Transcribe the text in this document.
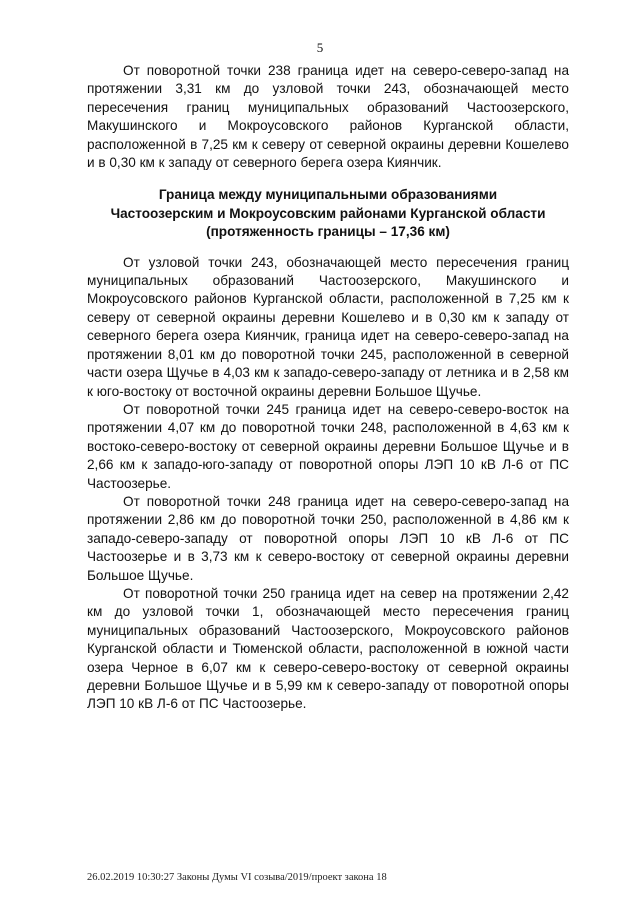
5

От поворотной точки 238 граница идет на северо-северо-запад на протяжении 3,31 км до узловой точки 243, обозначающей место пересечения границ муниципальных образований Частоозерского, Макушинского и Мокроусовского районов Курганской области, расположенной в 7,25 км к северу от северной окраины деревни Кошелево и в 0,30 км к западу от северного берега озера Киянчик.

Граница между муниципальными образованиями
Частоозерским и Мокроусовским районами Курганской области
(протяженность границы – 17,36 км)

От узловой точки 243, обозначающей место пересечения границ муниципальных образований Частоозерского, Макушинского и Мокроусовского районов Курганской области, расположенной в 7,25 км к северу от северной окраины деревни Кошелево и в 0,30 км к западу от северного берега озера Киянчик, граница идет на северо-северо-запад на протяжении 8,01 км до поворотной точки 245, расположенной в северной части озера Щучье в 4,03 км к западо-северо-западу от летника и в 2,58 км к юго-востоку от восточной окраины деревни Большое Щучье.

От поворотной точки 245 граница идет на северо-северо-восток на протяжении 4,07 км до поворотной точки 248, расположенной в 4,63 км к востоко-северо-востоку от северной окраины деревни Большое Щучье и в 2,66 км к западо-юго-западу от поворотной опоры ЛЭП 10 кВ Л-6 от ПС Частоозерье.

От поворотной точки 248 граница идет на северо-северо-запад на протяжении 2,86 км до поворотной точки 250, расположенной в 4,86 км к западо-северо-западу от поворотной опоры ЛЭП 10 кВ Л-6 от ПС Частоозерье и в 3,73 км к северо-востоку от северной окраины деревни Большое Щучье.

От поворотной точки 250 граница идет на север на протяжении 2,42 км до узловой точки 1, обозначающей место пересечения границ муниципальных образований Частоозерского, Мокроусовского районов Курганской области и Тюменской области, расположенной в южной части озера Черное в 6,07 км к северо-северо-востоку от северной окраины деревни Большое Щучье и в 5,99 км к северо-западу от поворотной опоры ЛЭП 10 кВ Л-6 от ПС Частоозерье.

26.02.2019 10:30:27 Законы Думы VI созыва/2019/проект закона 18
